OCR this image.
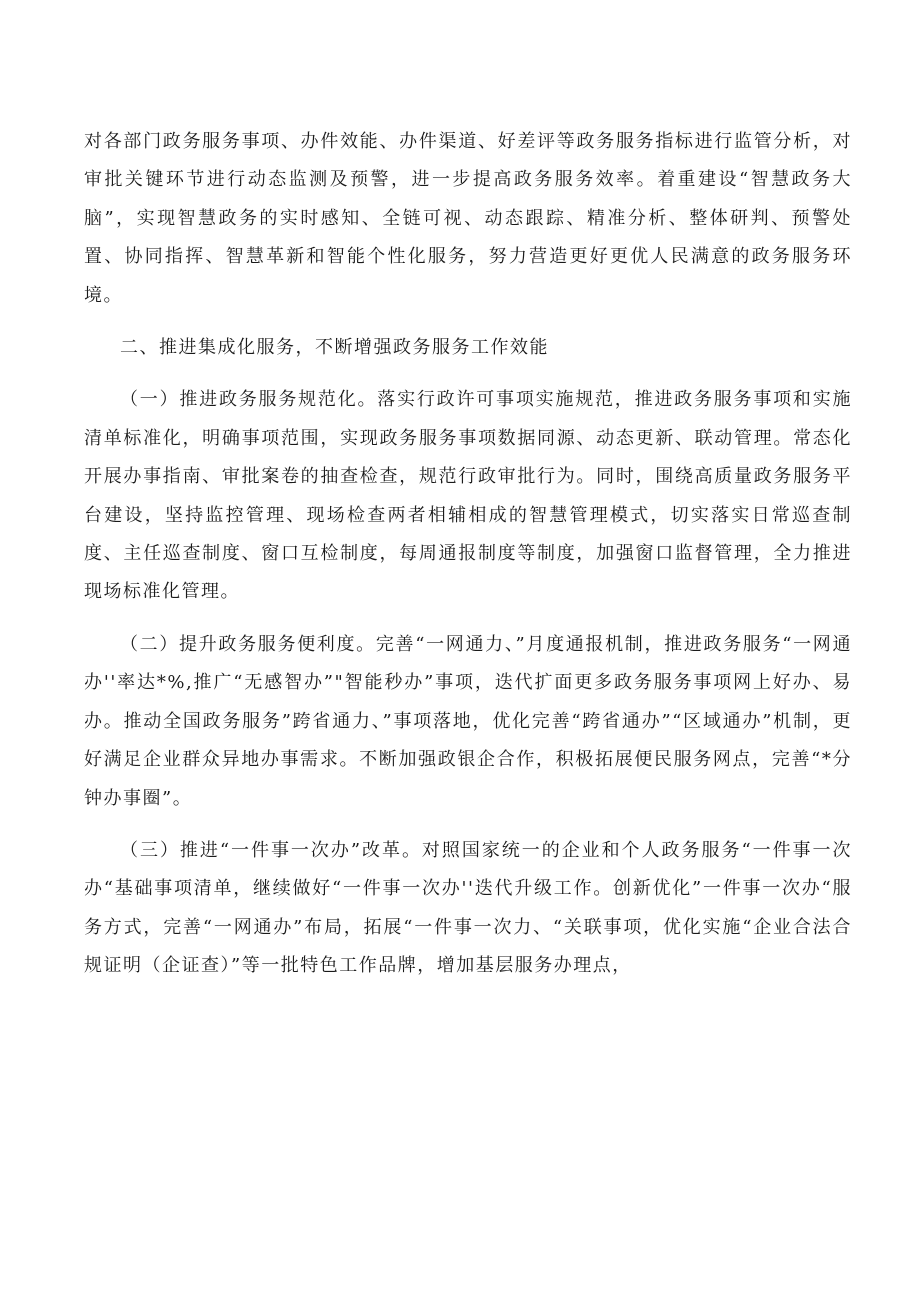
对各部门政务服务事项、办件效能、办件渠道、好差评等政务服务指标进行监管分析，对审批关键环节进行动态监测及预警，进一步提高政务服务效率。着重建设“智慧政务大脑”，实现智慧政务的实时感知、全链可视、动态跟踪、精准分析、整体研判、预警处置、协同指挥、智慧革新和智能个性化服务，努力营造更好更优人民满意的政务服务环境。

二、推进集成化服务，不断增强政务服务工作效能

（一）推进政务服务规范化。落实行政许可事项实施规范，推进政务服务事项和实施清单标准化，明确事项范围，实现政务服务事项数据同源、动态更新、联动管理。常态化开展办事指南、审批案卷的抽查检查，规范行政审批行为。同时，围绕高质量政务服务平台建设，坚持监控管理、现场检查两者相辅相成的智慧管理模式，切实落实日常巡查制度、主任巡查制度、窗口互检制度，每周通报制度等制度，加强窗口监督管理，全力推进现场标准化管理。

（二）提升政务服务便利度。完善“一网通力、”月度通报机制，推进政务服务“一网通办''率达*%,推广“无感智办”"智能秒办”事项，迭代扩面更多政务服务事项网上好办、易办。推动全国政务服务”跨省通力、”事项落地，优化完善“跨省通办”“区域通办”机制，更好满足企业群众异地办事需求。不断加强政银企合作，积极拓展便民服务网点，完善“*分钟办事圈”。

（三）推进“一件事一次办”改革。对照国家统一的企业和个人政务服务“一件事一次办“基础事项清单，继续做好“一件事一次办''迭代升级工作。创新优化”一件事一次办“服务方式，完善“一网通办”布局，拓展“一件事一次力、“关联事项，优化实施“企业合法合规证明（企证查）”等一批特色工作品牌，增加基层服务办理点，
